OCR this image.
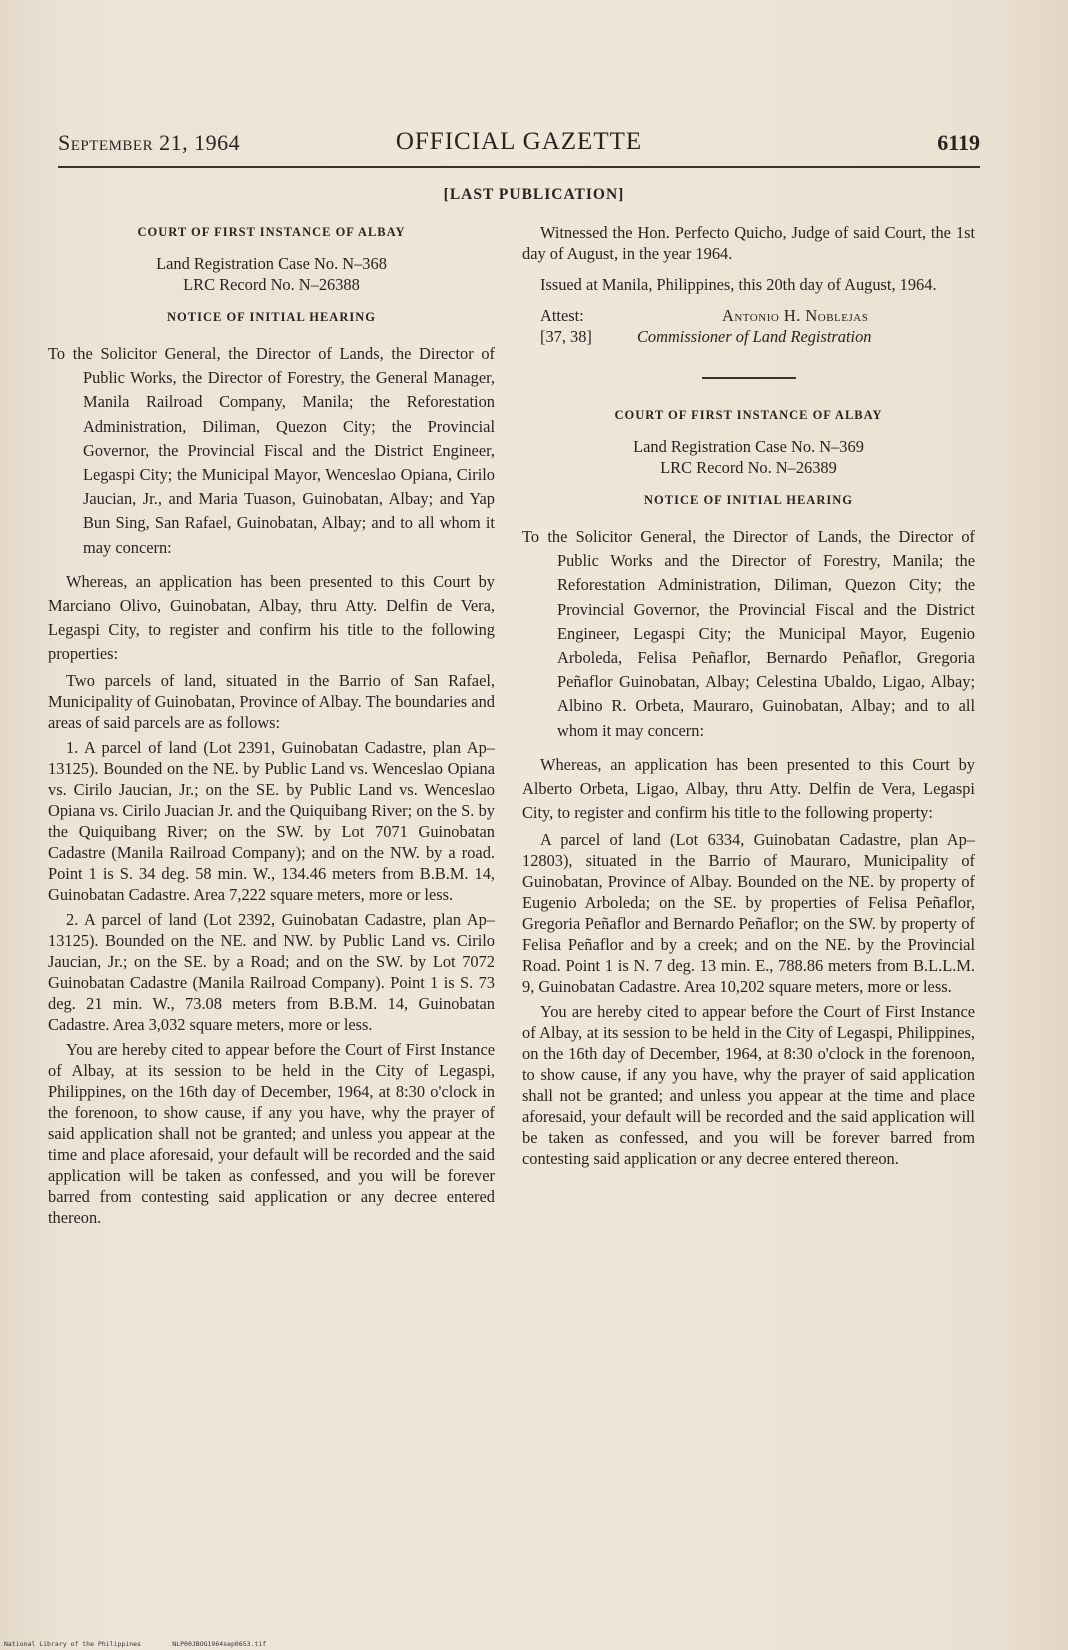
September 21, 1964	OFFICIAL GAZETTE	6119
[LAST PUBLICATION]
COURT OF FIRST INSTANCE OF ALBAY

Land Registration Case No. N–368

LRC Record No. N–26388

NOTICE OF INITIAL HEARING

To the Solicitor General, the Director of Lands, the Director of Public Works, the Director of Forestry, the General Manager, Manila Railroad Company, Manila; the Reforestation Administration, Diliman, Quezon City; the Provincial Governor, the Provincial Fiscal and the District Engineer, Legaspi City; the Municipal Mayor, Wenceslao Opiana, Cirilo Jaucian, Jr., and Maria Tuason, Guinobatan, Albay; and Yap Bun Sing, San Rafael, Guinobatan, Albay; and to all whom it may concern:

Whereas, an application has been presented to this Court by Marciano Olivo, Guinobatan, Albay, thru Atty. Delfin de Vera, Legaspi City, to register and confirm his title to the following properties:

Two parcels of land, situated in the Barrio of San Rafael, Municipality of Guinobatan, Province of Albay. The boundaries and areas of said parcels are as follows:

1. A parcel of land (Lot 2391, Guinobatan Cadastre, plan Ap–13125). Bounded on the NE. by Public Land vs. Wenceslao Opiana vs. Cirilo Jaucian, Jr.; on the SE. by Public Land vs. Wenceslao Opiana vs. Cirilo Juacian Jr. and the Quiquibang River; on the S. by the Quiquibang River; on the SW. by Lot 7071 Guinobatan Cadastre (Manila Railroad Company); and on the NW. by a road. Point 1 is S. 34 deg. 58 min. W., 134.46 meters from B.B.M. 14, Guinobatan Cadastre. Area 7,222 square meters, more or less.

2. A parcel of land (Lot 2392, Guinobatan Cadastre, plan Ap–13125). Bounded on the NE. and NW. by Public Land vs. Cirilo Jaucian, Jr.; on the SE. by a Road; and on the SW. by Lot 7072 Guinobatan Cadastre (Manila Railroad Company). Point 1 is S. 73 deg. 21 min. W., 73.08 meters from B.B.M. 14, Guinobatan Cadastre. Area 3,032 square meters, more or less.

You are hereby cited to appear before the Court of First Instance of Albay, at its session to be held in the City of Legaspi, Philippines, on the 16th day of December, 1964, at 8:30 o'clock in the forenoon, to show cause, if any you have, why the prayer of said application shall not be granted; and unless you appear at the time and place aforesaid, your default will be recorded and the said application will be taken as confessed, and you will be forever barred from contesting said application or any decree entered thereon.

Witnessed the Hon. Perfecto Quicho, Judge of said Court, the 1st day of August, in the year 1964.

Issued at Manila, Philippines, this 20th day of August, 1964.

Attest:	Antonio H. Noblejas
[37, 38]	Commissioner of Land Registration
COURT OF FIRST INSTANCE OF ALBAY

Land Registration Case No. N–369

LRC Record No. N–26389

NOTICE OF INITIAL HEARING

To the Solicitor General, the Director of Lands, the Director of Public Works and the Director of Forestry, Manila; the Reforestation Administration, Diliman, Quezon City; the Provincial Governor, the Provincial Fiscal and the District Engineer, Legaspi City; the Municipal Mayor, Eugenio Arboleda, Felisa Peñaflor, Bernardo Peñaflor, Gregoria Peñaflor Guinobatan, Albay; Celestina Ubaldo, Ligao, Albay; Albino R. Orbeta, Mauraro, Guinobatan, Albay; and to all whom it may concern:

Whereas, an application has been presented to this Court by Alberto Orbeta, Ligao, Albay, thru Atty. Delfin de Vera, Legaspi City, to register and confirm his title to the following property:

A parcel of land (Lot 6334, Guinobatan Cadastre, plan Ap–12803), situated in the Barrio of Mauraro, Municipality of Guinobatan, Province of Albay. Bounded on the NE. by property of Eugenio Arboleda; on the SE. by properties of Felisa Peñaflor, Gregoria Peñaflor and Bernardo Peñaflor; on the SW. by property of Felisa Peñaflor and by a creek; and on the NE. by the Provincial Road. Point 1 is N. 7 deg. 13 min. E., 788.86 meters from B.L.L.M. 9, Guinobatan Cadastre. Area 10,202 square meters, more or less.

You are hereby cited to appear before the Court of First Instance of Albay, at its session to be held in the City of Legaspi, Philippines, on the 16th day of December, 1964, at 8:30 o'clock in the forenoon, to show cause, if any you have, why the prayer of said application shall not be granted; and unless you appear at the time and place aforesaid, your default will be recorded and the said application will be taken as confessed, and you will be forever barred from contesting said application or any decree entered thereon.

National Library of the Philippines	NLP00JBOG1964sep0653.tif
